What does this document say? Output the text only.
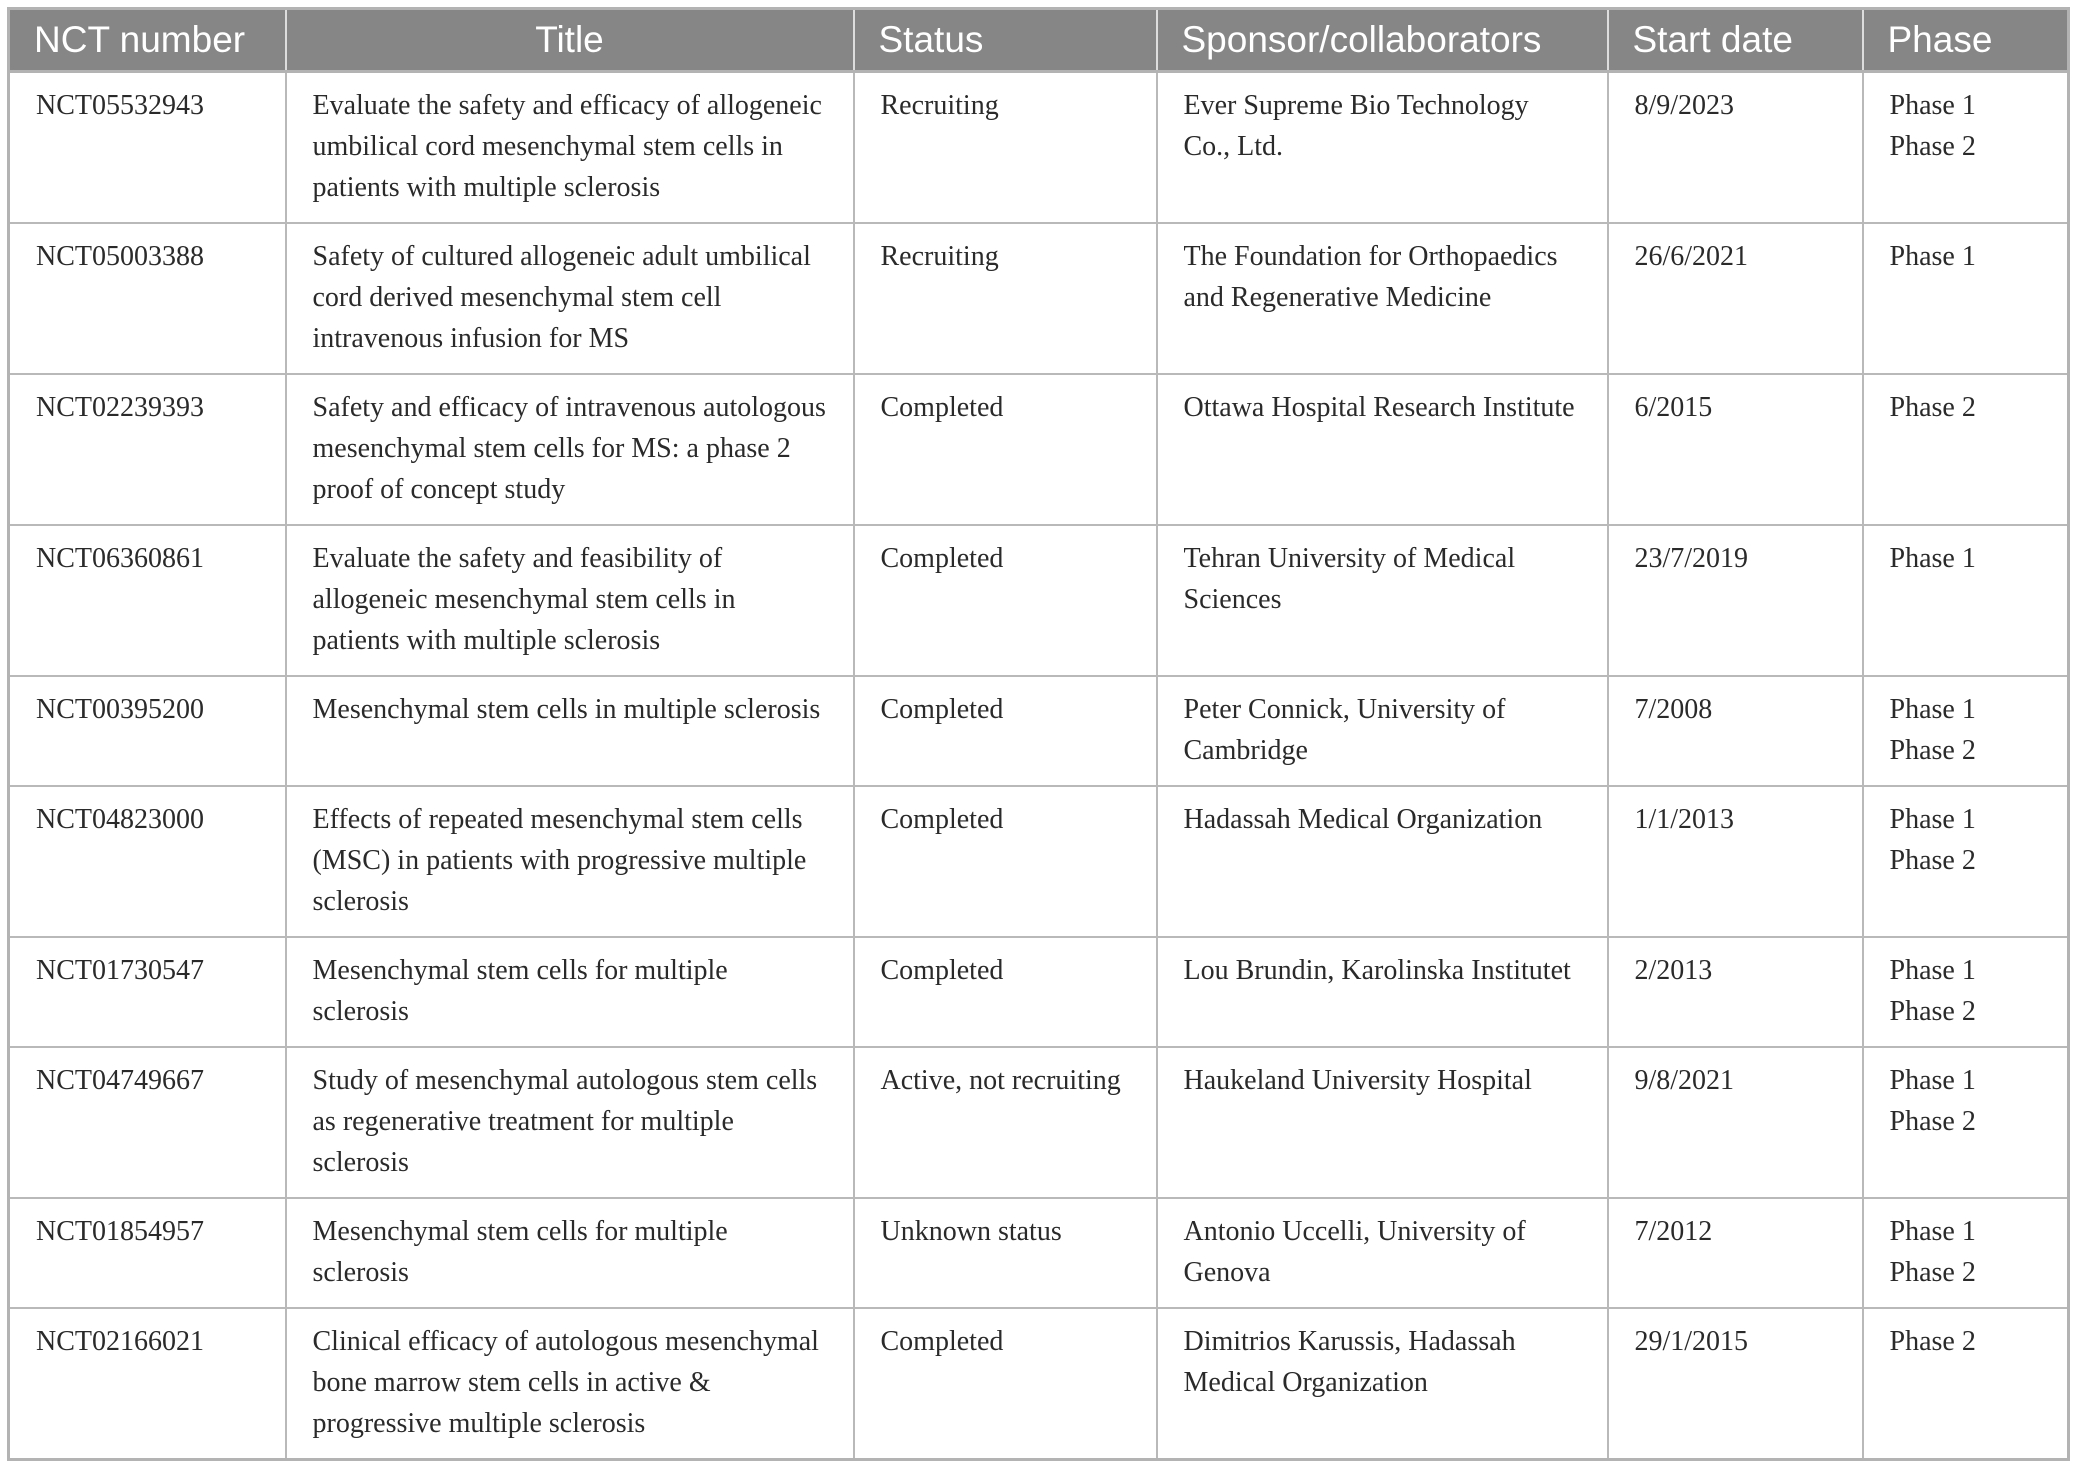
NCT number	Title	Status	Sponsor/collaborators	Start date	Phase
NCT05532943	Evaluate the safety and efficacy of allogeneic umbilical cord mesenchymal stem cells in patients with multiple sclerosis	Recruiting	Ever Supreme Bio Technology Co., Ltd.	8/9/2023	Phase 1
Phase 2

NCT05003388	Safety of cultured allogeneic adult umbilical cord derived mesenchymal stem cell intravenous infusion for MS	Recruiting	The Foundation for Orthopaedics and Regenerative Medicine	26/6/2021	Phase 1

NCT02239393	Safety and efficacy of intravenous autologous mesenchymal stem cells for MS: a phase 2 proof of concept study	Completed	Ottawa Hospital Research Institute	6/2015	Phase 2

NCT06360861	Evaluate the safety and feasibility of allogeneic mesenchymal stem cells in patients with multiple sclerosis	Completed	Tehran University of Medical Sciences	23/7/2019	Phase 1

NCT00395200	Mesenchymal stem cells in multiple sclerosis	Completed	Peter Connick, University of Cambridge	7/2008	Phase 1
Phase 2

NCT04823000	Effects of repeated mesenchymal stem cells (MSC) in patients with progressive multiple sclerosis	Completed	Hadassah Medical Organization	1/1/2013	Phase 1
Phase 2

NCT01730547	Mesenchymal stem cells for multiple sclerosis	Completed	Lou Brundin, Karolinska Institutet	2/2013	Phase 1
Phase 2

NCT04749667	Study of mesenchymal autologous stem cells as regenerative treatment for multiple sclerosis	Active, not recruiting	Haukeland University Hospital	9/8/2021	Phase 1
Phase 2

NCT01854957	Mesenchymal stem cells for multiple sclerosis	Unknown status	Antonio Uccelli, University of Genova	7/2012	Phase 1
Phase 2

NCT02166021	Clinical efficacy of autologous mesenchymal bone marrow stem cells in active & progressive multiple sclerosis	Completed	Dimitrios Karussis, Hadassah Medical Organization	29/1/2015	Phase 2
